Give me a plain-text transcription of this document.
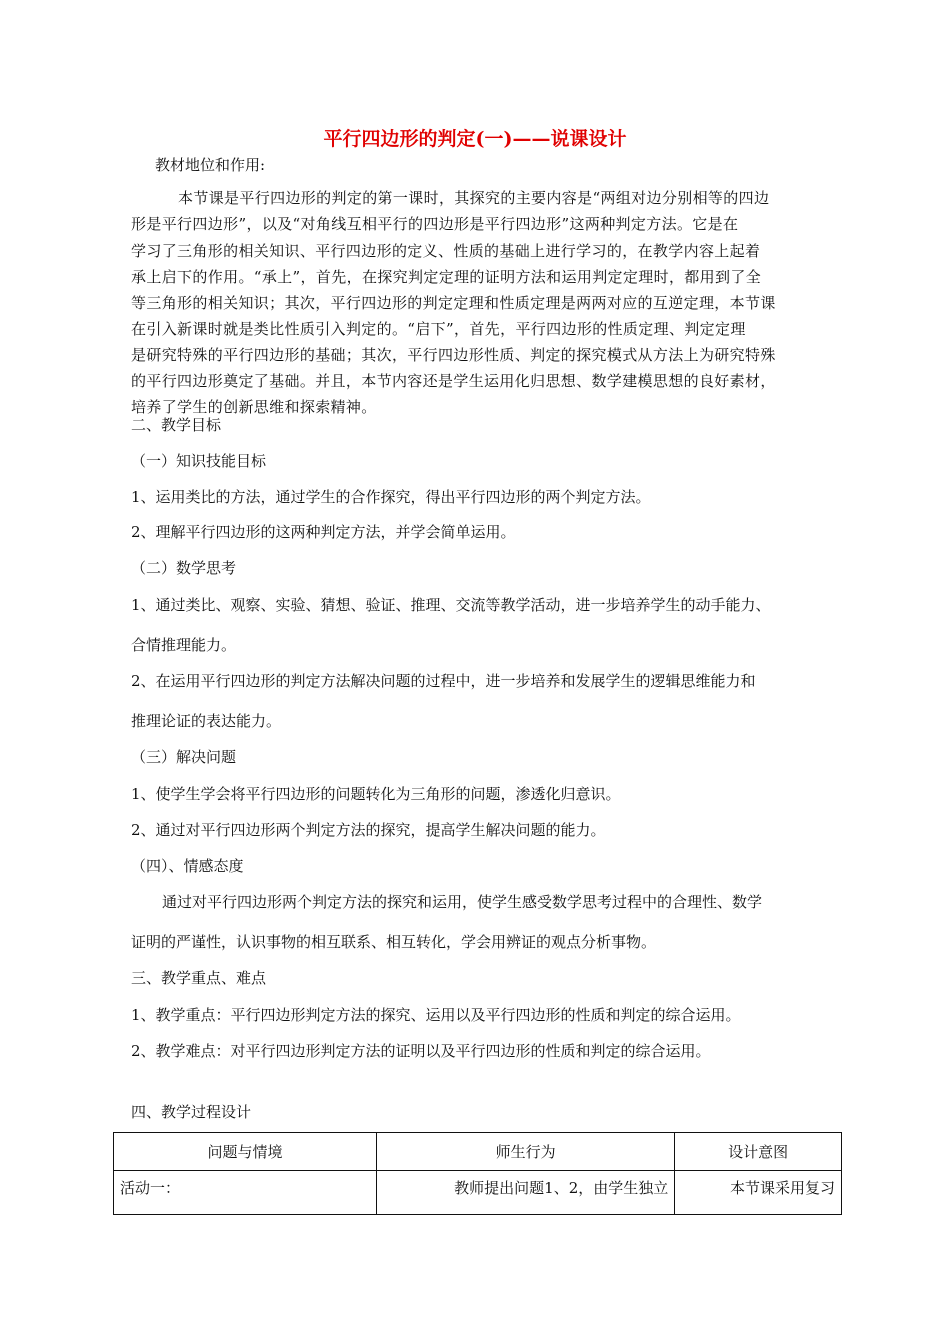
平行四边形的判定(一)——说课设计
教材地位和作用:
本节课是平行四边形的判定的第一课时，其探究的主要内容是“两组对边分别相等的四边
形是平行四边形”，以及“对角线互相平行的四边形是平行四边形”这两种判定方法。它是在
学习了三角形的相关知识、平行四边形的定义、性质的基础上进行学习的，在教学内容上起着
承上启下的作用。“承上”，首先，在探究判定定理的证明方法和运用判定定理时，都用到了全
等三角形的相关知识；其次，平行四边形的判定定理和性质定理是两两对应的互逆定理，本节课
在引入新课时就是类比性质引入判定的。“启下”，首先，平行四边形的性质定理、判定定理
是研究特殊的平行四边形的基础；其次，平行四边形性质、判定的探究模式从方法上为研究特殊
的平行四边形奠定了基础。并且，本节内容还是学生运用化归思想、数学建模思想的良好素材，
培养了学生的创新思维和探索精神。
二、教学目标
（一）知识技能目标
1、运用类比的方法，通过学生的合作探究，得出平行四边形的两个判定方法。
2、理解平行四边形的这两种判定方法，并学会简单运用。
（二）数学思考
1、通过类比、观察、实验、猜想、验证、推理、交流等教学活动，进一步培养学生的动手能力、
合情推理能力。
2、在运用平行四边形的判定方法解决问题的过程中，进一步培养和发展学生的逻辑思维能力和
推理论证的表达能力。
（三）解决问题
1、使学生学会将平行四边形的问题转化为三角形的问题，渗透化归意识。
2、通过对平行四边形两个判定方法的探究，提高学生解决问题的能力。
（四）、情感态度
通过对平行四边形两个判定方法的探究和运用，使学生感受数学思考过程中的合理性、数学
证明的严谨性，认识事物的相互联系、相互转化，学会用辨证的观点分析事物。
三、教学重点、难点
1、教学重点：平行四边形判定方法的探究、运用以及平行四边形的性质和判定的综合运用。
2、教学难点：对平行四边形判定方法的证明以及平行四边形的性质和判定的综合运用。
四、教学过程设计
问题与情境	师生行为	设计意图
活动一：	教师提出问题1、2，由学生独立	本节课采用复习
